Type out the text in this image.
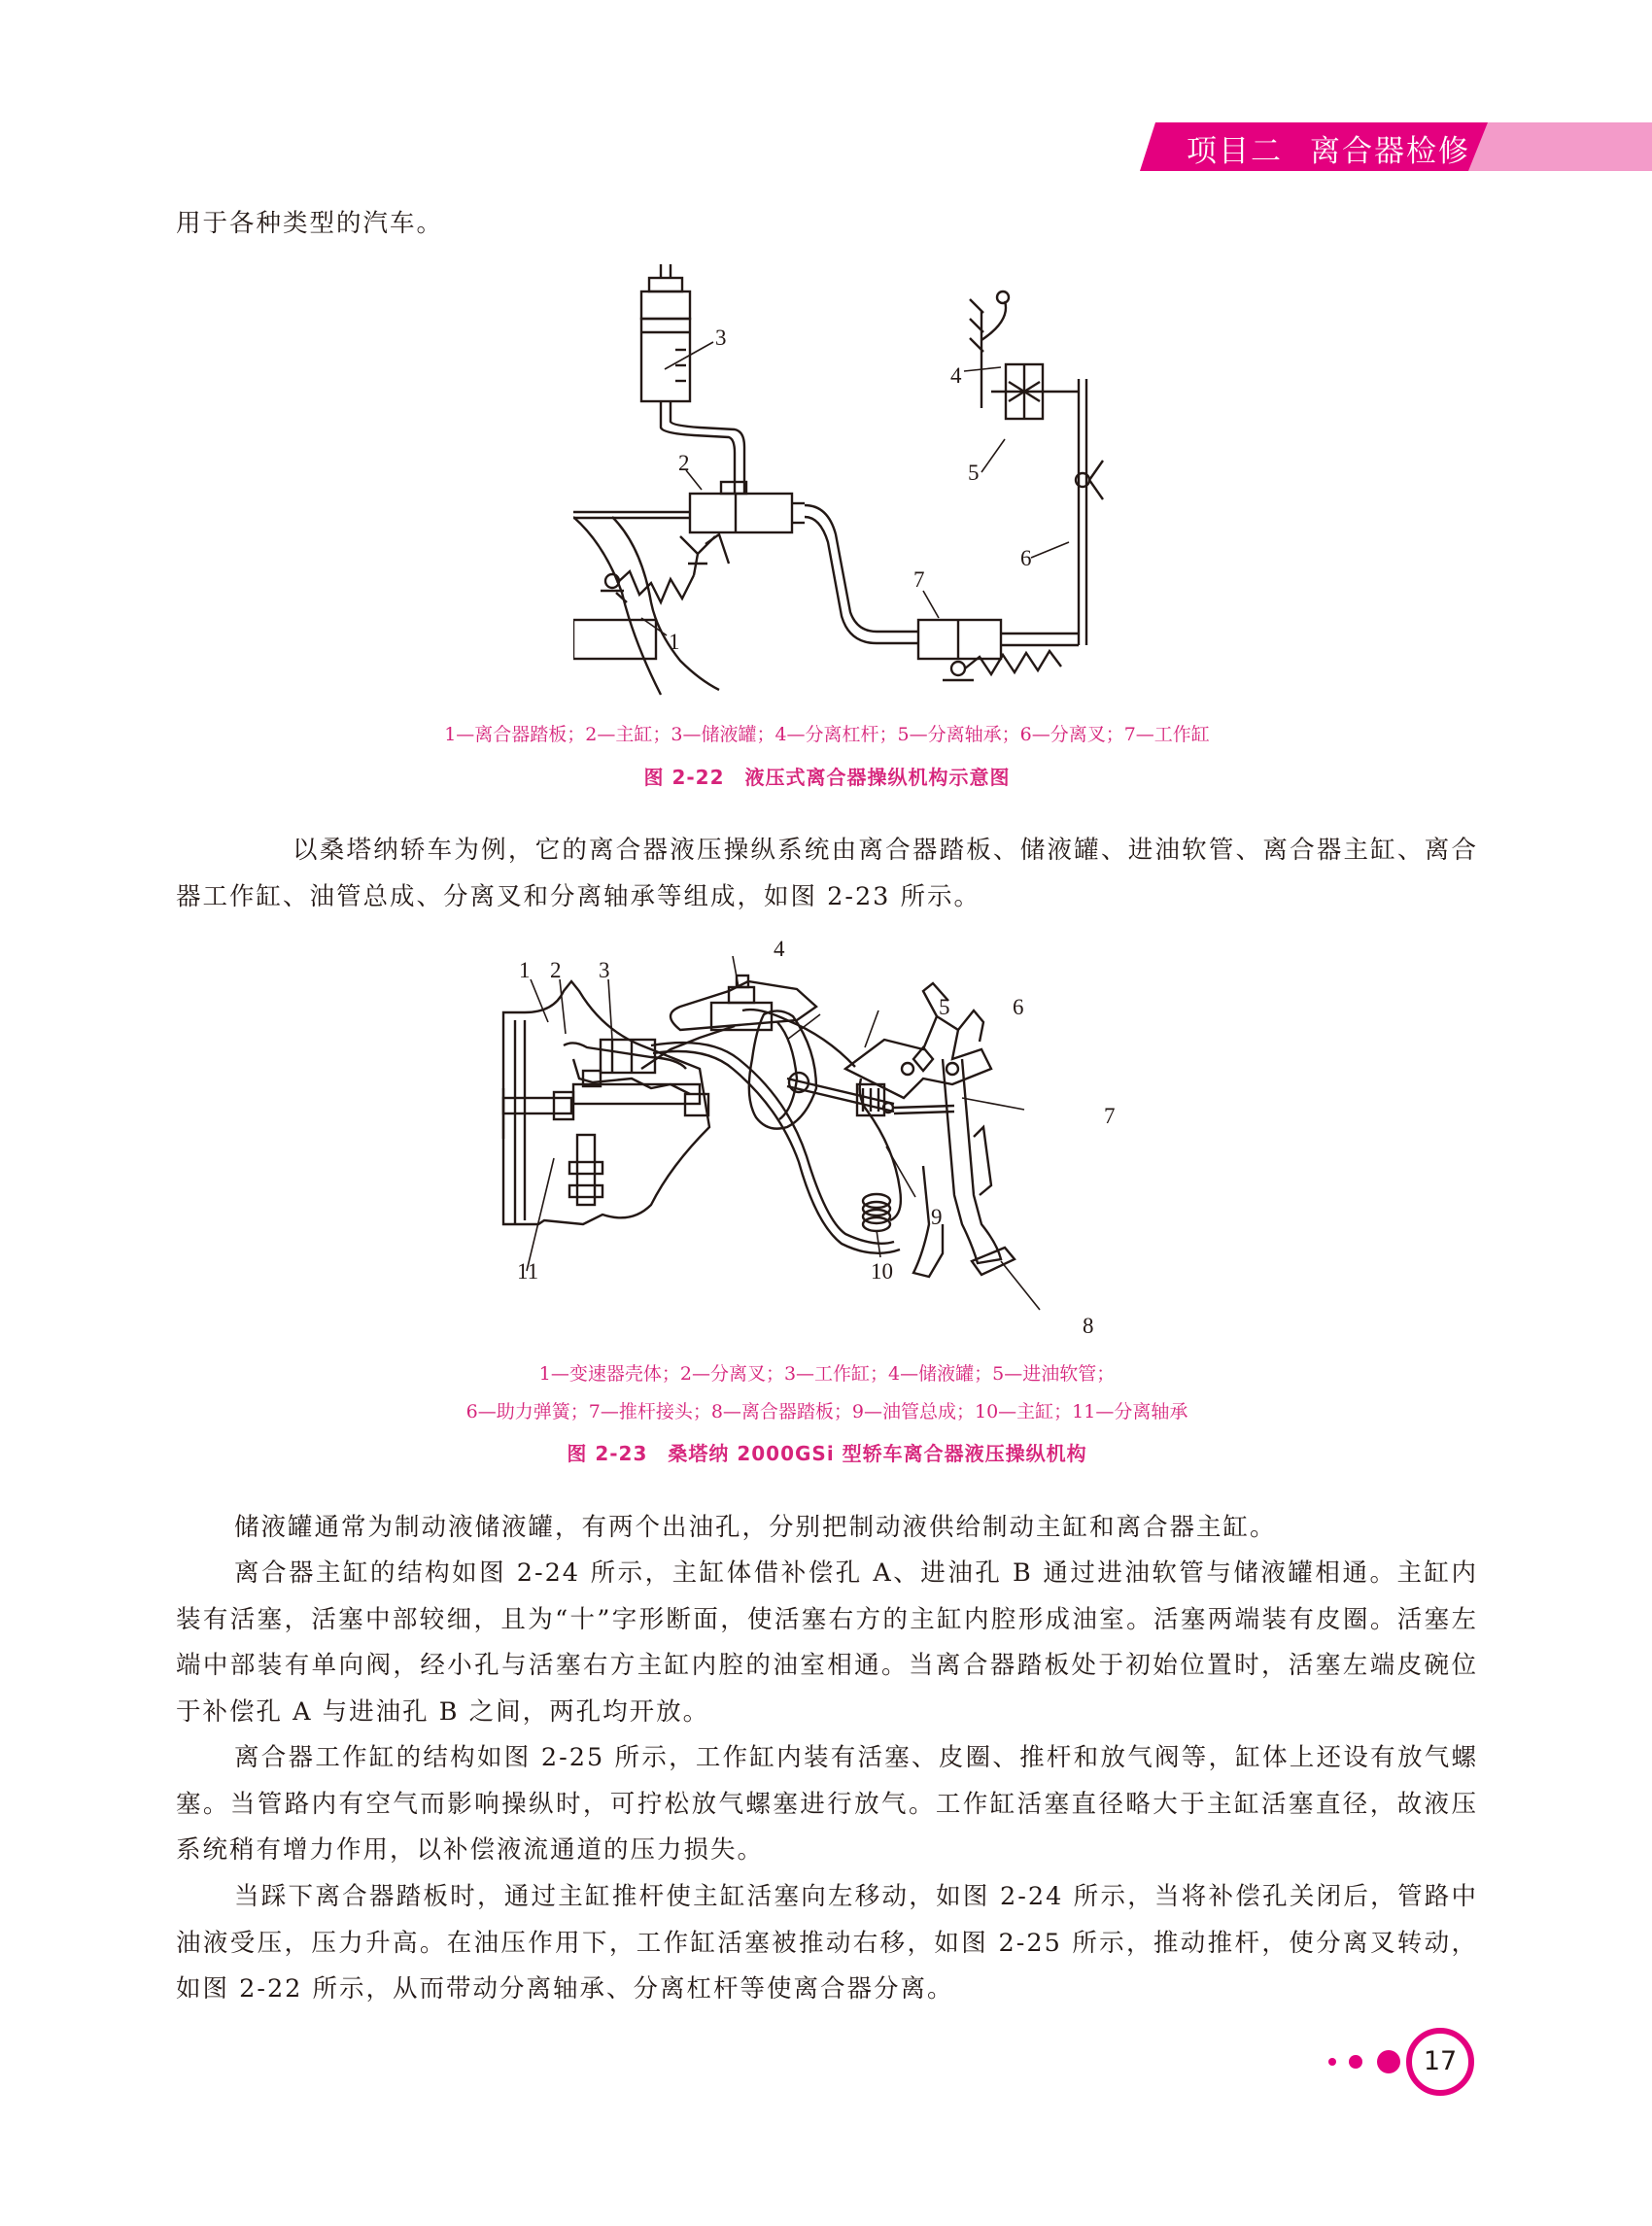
项目二 离合器检修

用于各种类型的汽车。

1
2
3
4
5
6
7

1—离合器踏板；2—主缸；3—储液罐；4—分离杠杆；5—分离轴承；6—分离叉；7—工作缸

图 2-22　液压式离合器操纵机构示意图

以桑塔纳轿车为例，它的离合器液压操纵系统由离合器踏板、储液罐、进油软管、离合器主缸、离合器工作缸、油管总成、分离叉和分离轴承等组成，如图 2-23 所示。

1 2 3
4
5	6
7
8
9
10
11

1—变速器壳体；2—分离叉；3—工作缸；4—储液罐；5—进油软管；

6—助力弹簧；7—推杆接头；8—离合器踏板；9—油管总成；10—主缸；11—分离轴承

图 2-23　桑塔纳 2000GSi 型轿车离合器液压操纵机构

储液罐通常为制动液储液罐，有两个出油孔，分别把制动液供给制动主缸和离合器主缸。

离合器主缸的结构如图 2-24 所示，主缸体借补偿孔 A、进油孔 B 通过进油软管与储液罐相通。主缸内装有活塞，活塞中部较细，且为“十”字形断面，使活塞右方的主缸内腔形成油室。活塞两端装有皮圈。活塞左端中部装有单向阀，经小孔与活塞右方主缸内腔的油室相通。当离合器踏板处于初始位置时，活塞左端皮碗位于补偿孔 A 与进油孔 B 之间，两孔均开放。

离合器工作缸的结构如图 2-25 所示，工作缸内装有活塞、皮圈、推杆和放气阀等，缸体上还设有放气螺塞。当管路内有空气而影响操纵时，可拧松放气螺塞进行放气。工作缸活塞直径略大于主缸活塞直径，故液压系统稍有增力作用，以补偿液流通道的压力损失。

当踩下离合器踏板时，通过主缸推杆使主缸活塞向左移动，如图 2-24 所示，当将补偿孔关闭后，管路中油液受压，压力升高。在油压作用下，工作缸活塞被推动右移，如图 2-25 所示，推动推杆，使分离叉转动，如图 2-22 所示，从而带动分离轴承、分离杠杆等使离合器分离。

17
